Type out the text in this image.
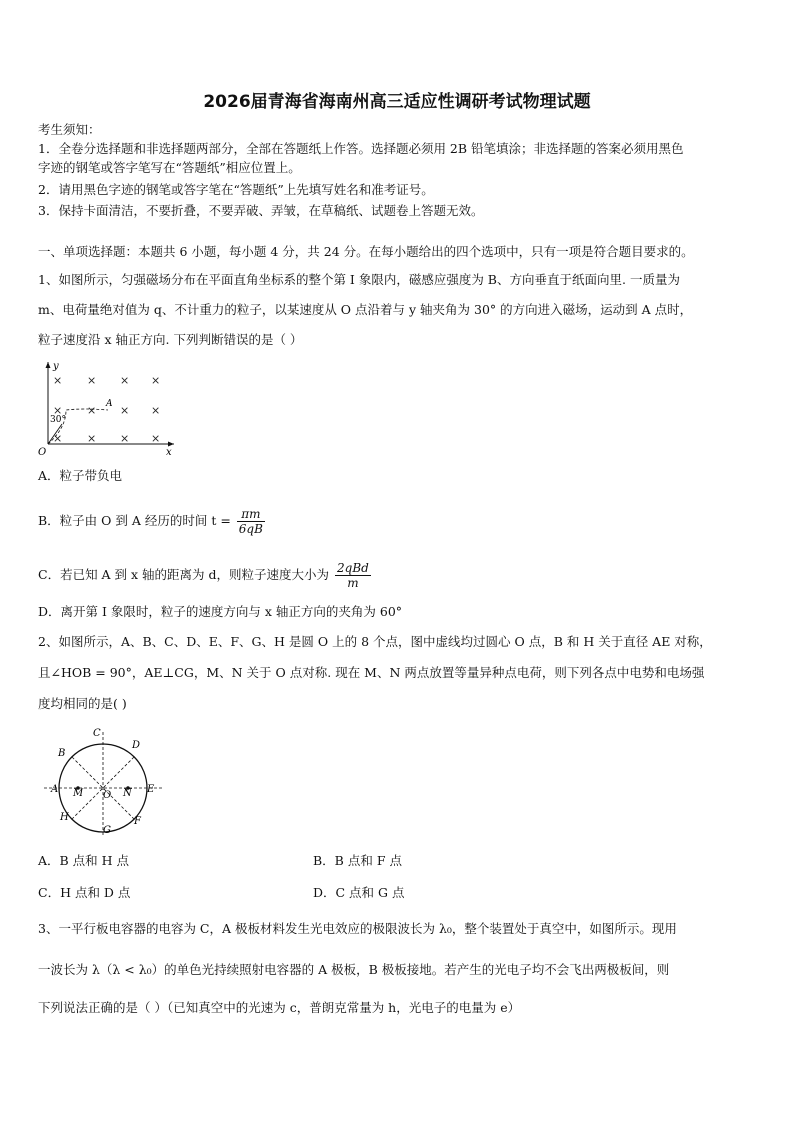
2026届青海省海南州高三适应性调研考试物理试题
考生须知：
1．全卷分选择题和非选择题两部分，全部在答题纸上作答。选择题必须用 2B 铅笔填涂；非选择题的答案必须用黑色
字迹的钢笔或答字笔写在“答题纸”相应位置上。
2．请用黑色字迹的钢笔或答字笔在“答题纸”上先填写姓名和准考证号。
3．保持卡面清洁，不要折叠，不要弄破、弄皱，在草稿纸、试题卷上答题无效。
一、单项选择题：本题共 6 小题，每小题 4 分，共 24 分。在每小题给出的四个选项中，只有一项是符合题目要求的。
1、如图所示，匀强磁场分布在平面直角坐标系的整个第 I 象限内，磁感应强度为 B、方向垂直于纸面向里. 一质量为
m、电荷量绝对值为 q、不计重力的粒子，以某速度从 O 点沿着与 y 轴夹角为 30° 的方向进入磁场，运动到 A 点时，
粒子速度沿 x 轴正方向. 下列判断错误的是（ ）
y
x
O
30°
A
× × × ×
× × × ×
× × × ×
A．粒子带负电
B．粒子由 O 到 A 经历的时间 $t = \frac{\pi m}{6qB}$
C．若已知 A 到 x 轴的距离为 d，则粒子速度大小为 $\frac{\text{2qBd}}{m}$
D．离开第 I 象限时，粒子的速度方向与 x 轴正方向的夹角为 60°
2、如图所示，A、B、C、D、E、F、G、H 是圆 O 上的 8 个点，图中虚线均过圆心 O 点，B 和 H 关于直径 AE 对称，
且∠HOB = 90°，AE⊥CG，M、N 关于 O 点对称. 现在 M、N 两点放置等量异种点电荷，则下列各点中电势和电场强
度均相同的是( )
A
B
C
D
E
F
G
H
M	N
O
A．B 点和 H 点	B．B 点和 F 点
C．H 点和 D 点	D．C 点和 G 点
3、一平行板电容器的电容为 C，A 极板材料发生光电效应的极限波长为 λ₀，整个装置处于真空中，如图所示。现用
一波长为 λ（λ < λ₀）的单色光持续照射电容器的 A 极板，B 极板接地。若产生的光电子均不会飞出两极板间，则
下列说法正确的是（ ）（已知真空中的光速为 c，普朗克常量为 h，光电子的电量为 e）
